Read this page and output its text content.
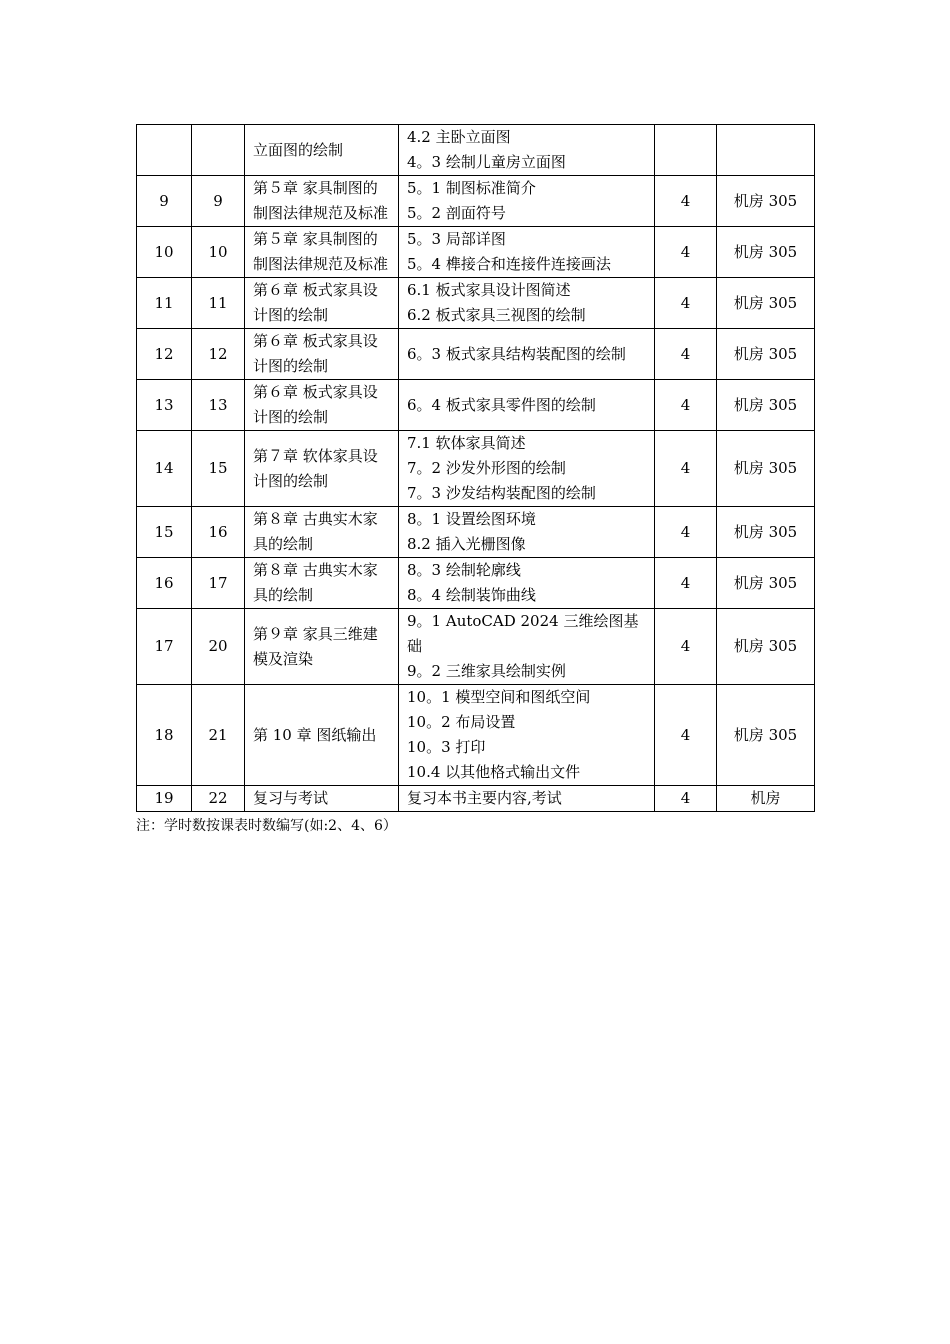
		立面图的绘制	4.2 主卧立面图
4。3 绘制儿童房立面图		

9	9	第５章 家具制图的制图法律规范及标准	5。1 制图标准简介
5。2 剖面符号	4	机房 305
10	10	第５章 家具制图的制图法律规范及标准	5。3 局部详图
5。4 榫接合和连接件连接画法	4	机房 305
11	11	第６章 板式家具设计图的绘制	6.1 板式家具设计图简述
6.2 板式家具三视图的绘制	4	机房 305
12	12	第６章 板式家具设计图的绘制	6。3 板式家具结构装配图的绘制	4	机房 305
13	13	第６章 板式家具设计图的绘制	6。4 板式家具零件图的绘制	4	机房 305
14	15	第７章 软体家具设计图的绘制	7.1 软体家具简述
7。2 沙发外形图的绘制
7。3 沙发结构装配图的绘制	4	机房 305
15	16	第８章 古典实木家具的绘制	8。1 设置绘图环境
8.2 插入光栅图像	4	机房 305
16	17	第８章 古典实木家具的绘制	8。3 绘制轮廓线
8。4 绘制装饰曲线	4	机房 305
17	20	第９章 家具三维建模及渲染	9。1 AutoCAD 2024 三维绘图基础
9。2 三维家具绘制实例	4	机房 305
18	21	第 10 章 图纸输出	10。1 模型空间和图纸空间
10。2 布局设置
10。3 打印
10.4 以其他格式输出文件	4	机房 305
19	22	复习与考试	复习本书主要内容,考试	4	机房
注：学时数按课表时数编写(如:2、4、6）
